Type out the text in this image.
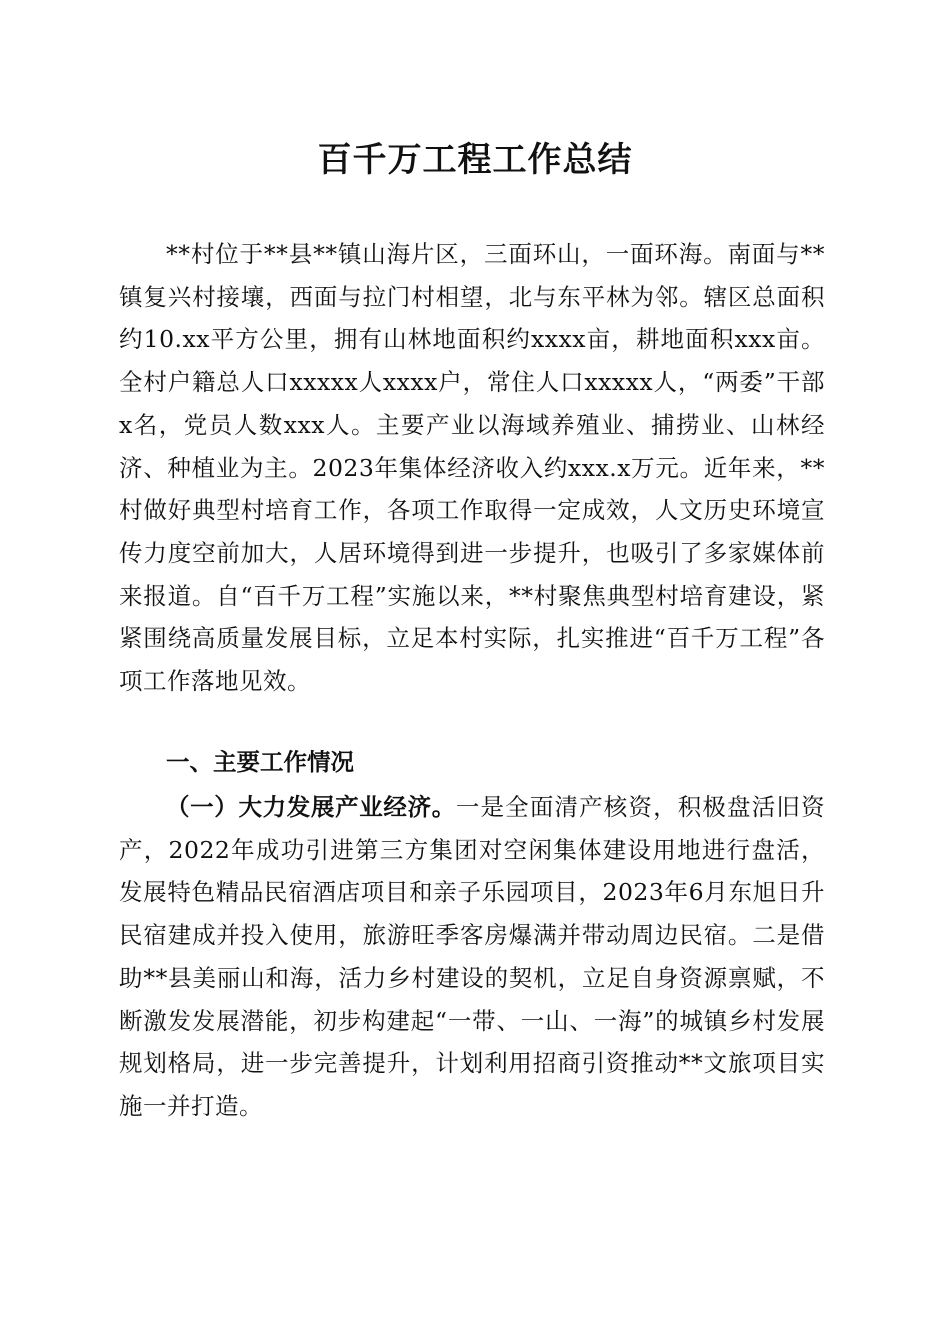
百千万工程工作总结

**村位于**县**镇山海片区，三面环山，一面环海。南面与**镇复兴村接壤，西面与拉门村相望，北与东平林为邻。辖区总面积约10.xx平方公里，拥有山林地面积约xxxx亩，耕地面积xxx亩。全村户籍总人口xxxxx人xxxx户，常住人口xxxxx人，“两委”干部x名，党员人数xxx人。主要产业以海域养殖业、捕捞业、山林经济、种植业为主。2023年集体经济收入约xxx.x万元。近年来，**村做好典型村培育工作，各项工作取得一定成效，人文历史环境宣传力度空前加大，人居环境得到进一步提升，也吸引了多家媒体前来报道。自“百千万工程”实施以来，**村聚焦典型村培育建设，紧紧围绕高质量发展目标，立足本村实际，扎实推进“百千万工程”各项工作落地见效。

一、主要工作情况

（一）大力发展产业经济。一是全面清产核资，积极盘活旧资产，2022年成功引进第三方集团对空闲集体建设用地进行盘活，发展特色精品民宿酒店项目和亲子乐园项目，2023年6月东旭日升民宿建成并投入使用，旅游旺季客房爆满并带动周边民宿。二是借助**县美丽山和海，活力乡村建设的契机，立足自身资源禀赋，不断激发发展潜能，初步构建起“一带、一山、一海”的城镇乡村发展规划格局，进一步完善提升，计划利用招商引资推动**文旅项目实施一并打造。
